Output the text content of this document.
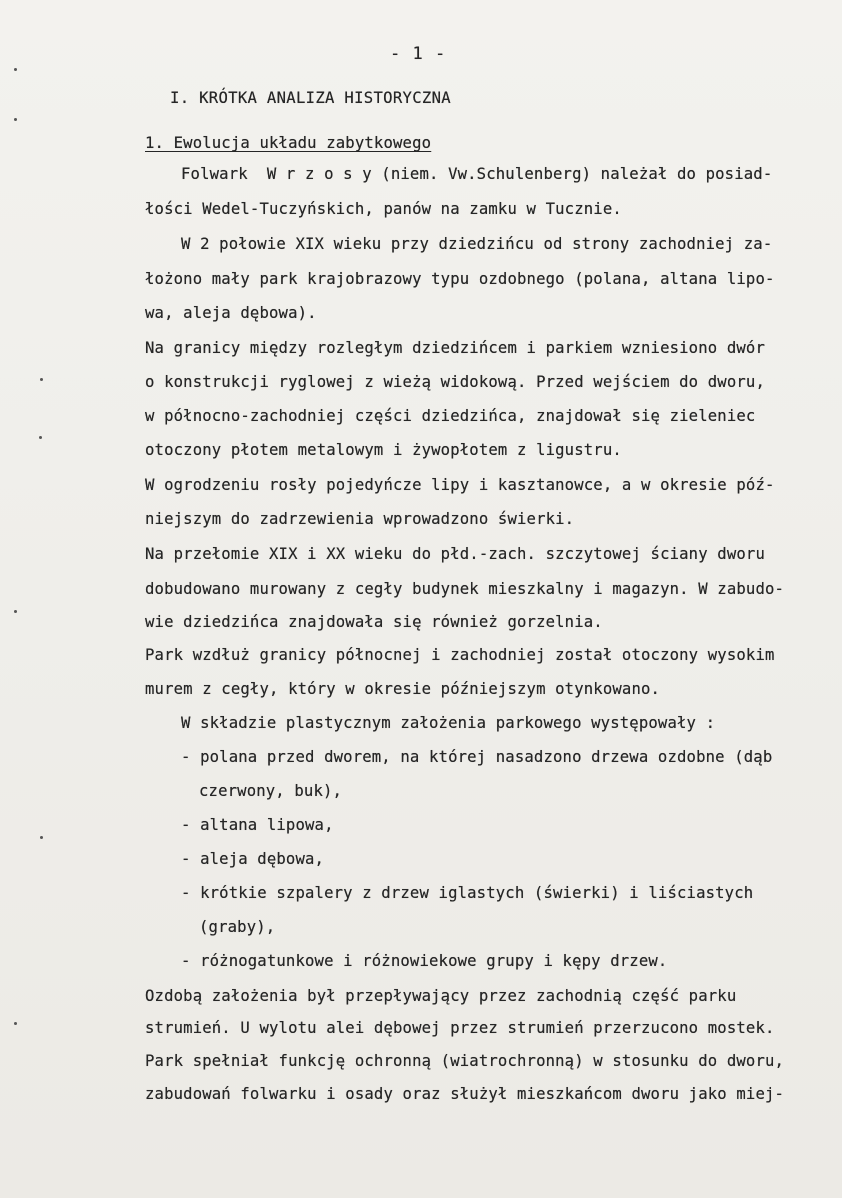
- 1 -
I. KRÓTKA ANALIZA HISTORYCZNA
1. Ewolucja układu zabytkowego
Folwark  W r z o s y (niem. Vw.Schulenberg) należał do posiad-
łości Wedel-Tuczyńskich, panów na zamku w Tucznie.
W 2 połowie XIX wieku przy dziedzińcu od strony zachodniej za-
łożono mały park krajobrazowy typu ozdobnego (polana, altana lipo-
wa, aleja dębowa).
Na granicy między rozległym dziedzińcem i parkiem wzniesiono dwór
o konstrukcji ryglowej z wieżą widokową. Przed wejściem do dworu,
w północno-zachodniej części dziedzińca, znajdował się zieleniec
otoczony płotem metalowym i żywopłotem z ligustru.
W ogrodzeniu rosły pojedyńcze lipy i kasztanowce, a w okresie póź-
niejszym do zadrzewienia wprowadzono świerki.
Na przełomie XIX i XX wieku do płd.-zach. szczytowej ściany dworu
dobudowano murowany z cegły budynek mieszkalny i magazyn. W zabudo-
wie dziedzińca znajdowała się również gorzelnia.
Park wzdłuż granicy północnej i zachodniej został otoczony wysokim
murem z cegły, który w okresie późniejszym otynkowano.
W składzie plastycznym założenia parkowego występowały :
- polana przed dworem, na której nasadzono drzewa ozdobne (dąb
czerwony, buk),
- altana lipowa,
- aleja dębowa,
- krótkie szpalery z drzew iglastych (świerki) i liściastych
(graby),
- różnogatunkowe i różnowiekowe grupy i kępy drzew.
Ozdobą założenia był przepływający przez zachodnią część parku
strumień. U wylotu alei dębowej przez strumień przerzucono mostek.
Park spełniał funkcję ochronną (wiatrochronną) w stosunku do dworu,
zabudowań folwarku i osady oraz służył mieszkańcom dworu jako miej-
